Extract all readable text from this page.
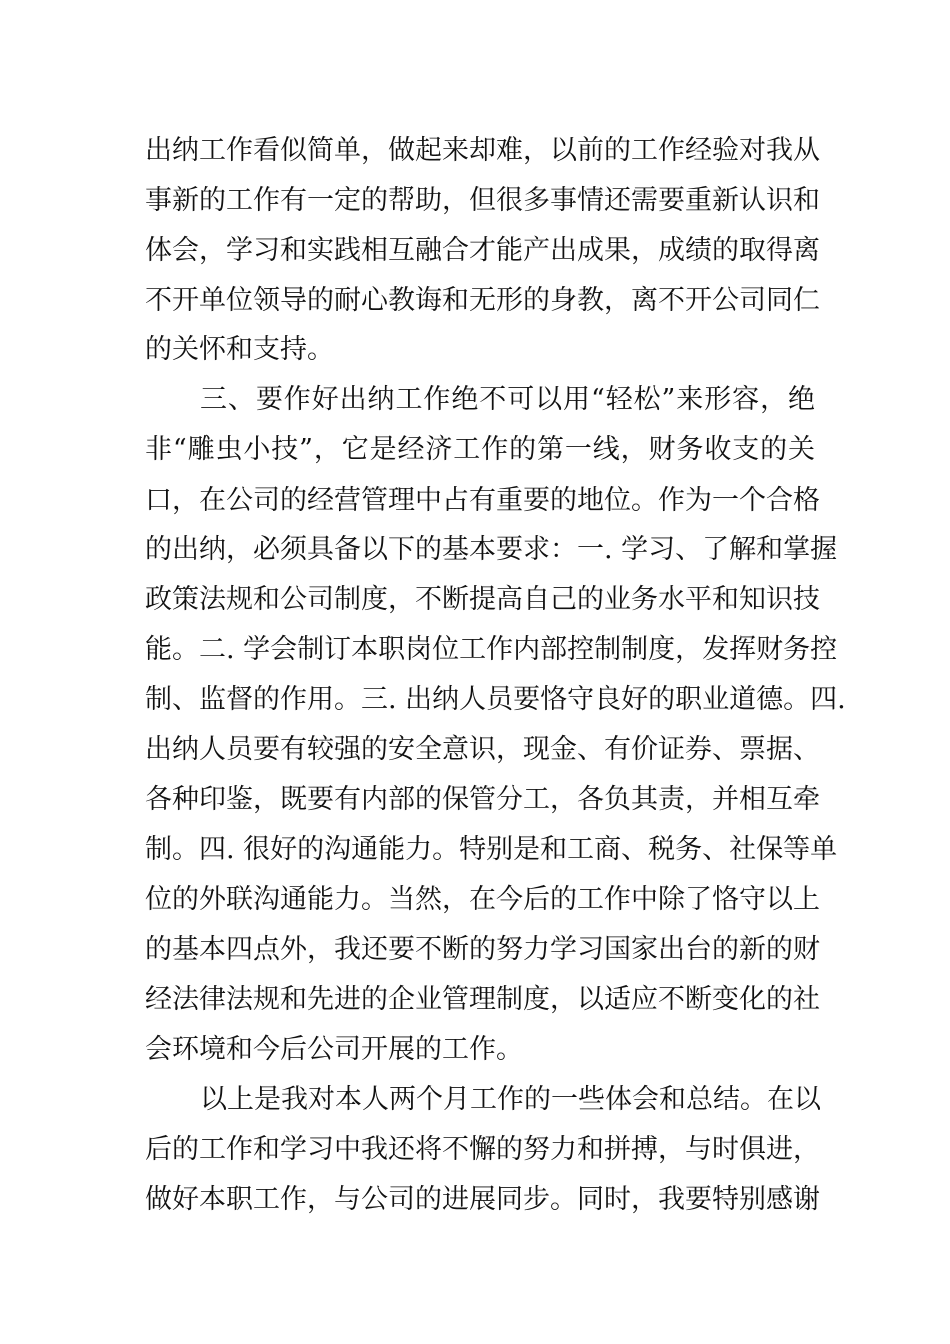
出纳工作看似简单，做起来却难，以前的工作经验对我从
事新的工作有一定的帮助，但很多事情还需要重新认识和
体会，学习和实践相互融合才能产出成果，成绩的取得离
不开单位领导的耐心教诲和无形的身教，离不开公司同仁
的关怀和支持。
三、要作好出纳工作绝不可以用“轻松”来形容，绝
非“雕虫小技”，它是经济工作的第一线，财务收支的关
口，在公司的经营管理中占有重要的地位。作为一个合格
的出纳，必须具备以下的基本要求：一. 学习、了解和掌握
政策法规和公司制度，不断提高自己的业务水平和知识技
能。二. 学会制订本职岗位工作内部控制制度，发挥财务控
制、监督的作用。三. 出纳人员要恪守良好的职业道德。四.
出纳人员要有较强的安全意识，现金、有价证券、票据、
各种印鉴，既要有内部的保管分工，各负其责，并相互牵
制。四. 很好的沟通能力。特别是和工商、税务、社保等单
位的外联沟通能力。当然，在今后的工作中除了恪守以上
的基本四点外，我还要不断的努力学习国家出台的新的财
经法律法规和先进的企业管理制度，以适应不断变化的社
会环境和今后公司开展的工作。
以上是我对本人两个月工作的一些体会和总结。在以
后的工作和学习中我还将不懈的努力和拼搏，与时俱进，
做好本职工作，与公司的进展同步。同时，我要特别感谢
